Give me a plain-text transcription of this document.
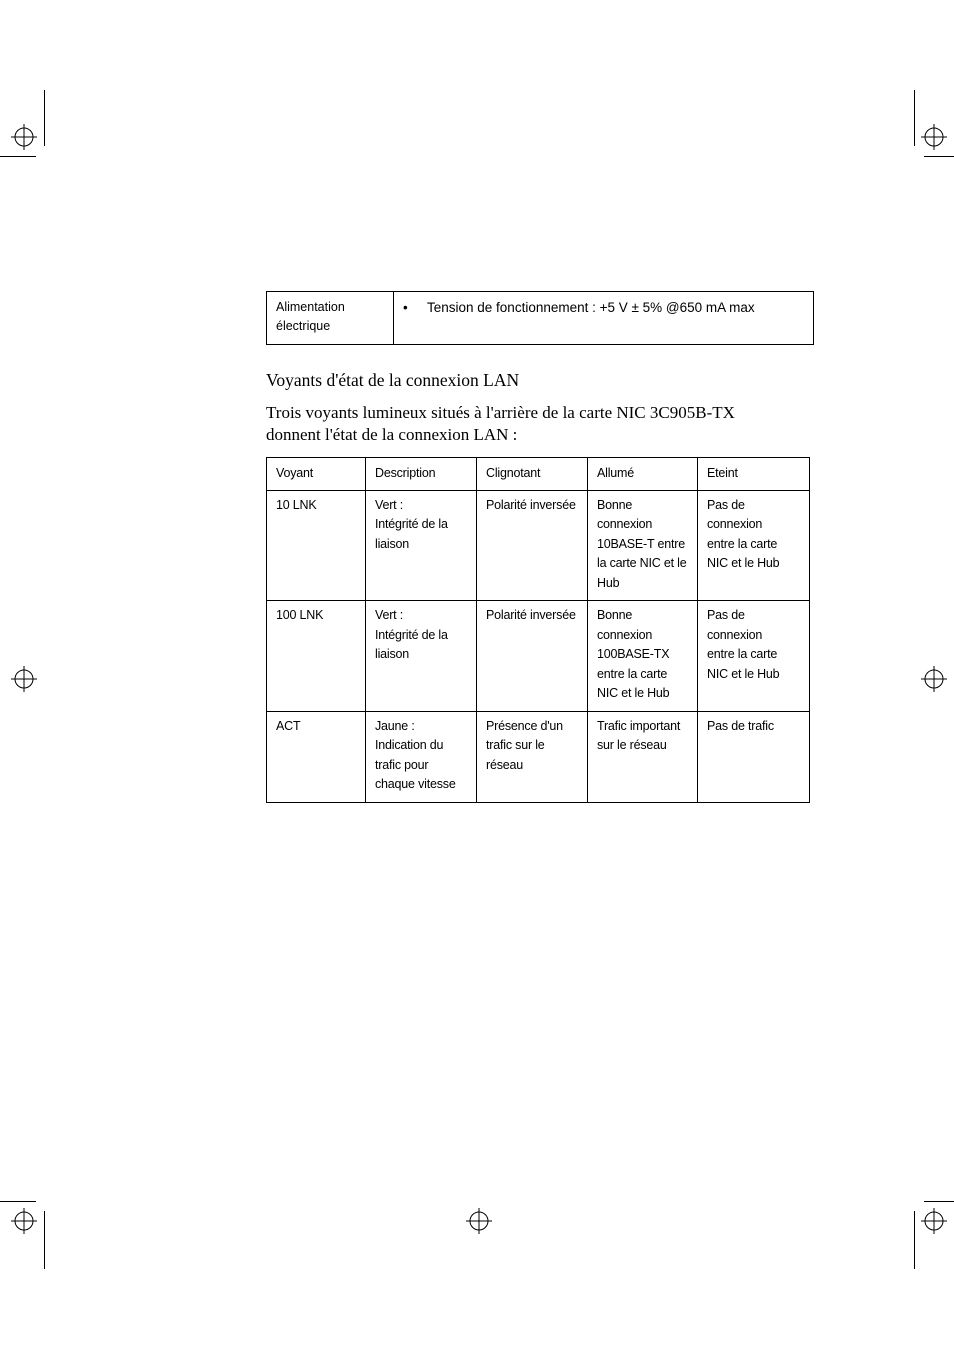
Alimentation
électrique
	• Tension de fonctionnement : +5 V ± 5% @650 mA max
Voyants d'état de la connexion LAN
Trois voyants lumineux situés à l'arrière de la carte NIC 3C905B-TX
donnent l'état de la connexion LAN :
Voyant	Description	Clignotant	Allumé	Eteint

10 LNK	Vert :
Intégrité de la
liaison	Polarité inversée	Bonne connexion
10BASE-T entre
la carte NIC et le
Hub	Pas de connexion
entre la carte
NIC et le Hub

100 LNK	Vert :
Intégrité de la
liaison	Polarité inversée	Bonne connexion
100BASE-TX
entre la carte
NIC et le Hub	Pas de connexion
entre la carte
NIC et le Hub

ACT	Jaune :
Indication du
trafic pour
chaque vitesse	Présence d'un
trafic sur le
réseau	Trafic important
sur le réseau	Pas de trafic
